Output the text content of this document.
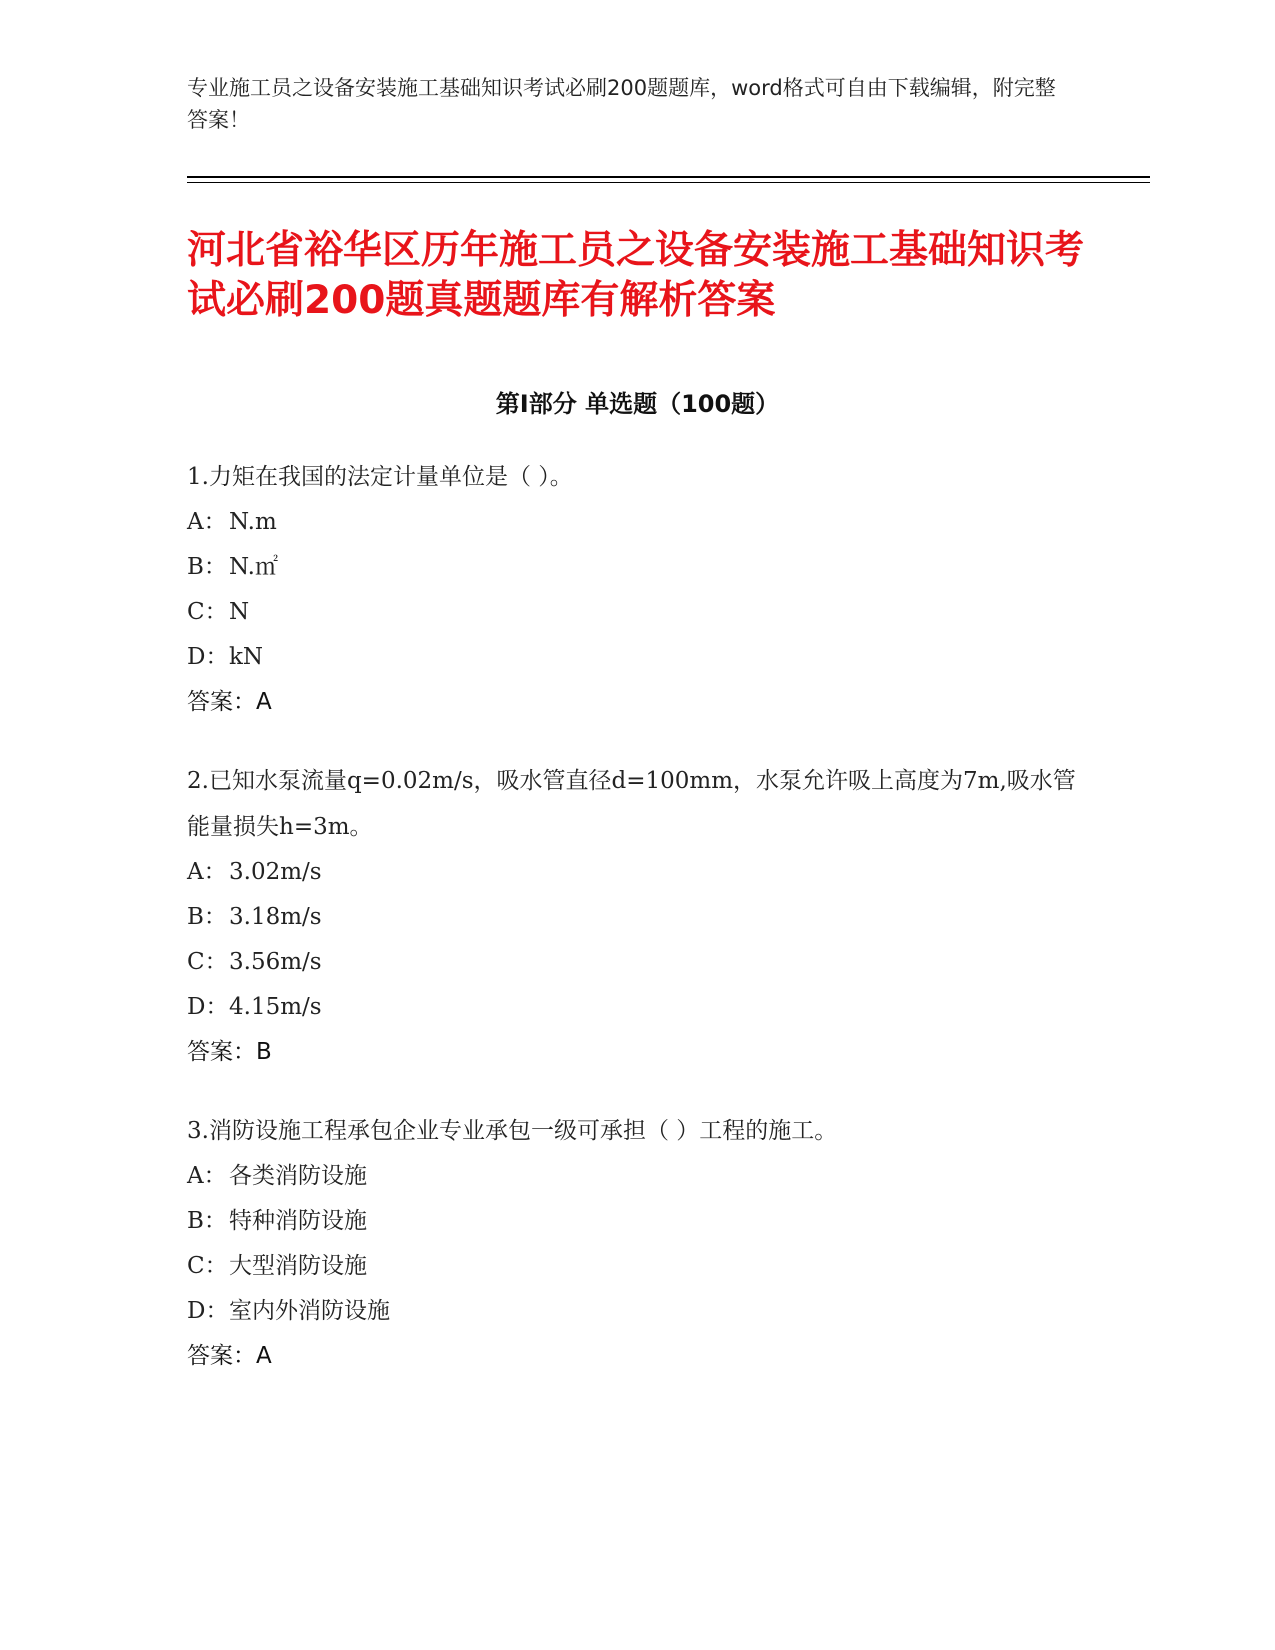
专业施工员之设备安装施工基础知识考试必刷200题题库，word格式可自由下载编辑，附完整答案！
河北省裕华区历年施工员之设备安装施工基础知识考试必刷200题真题题库有解析答案
第Ⅰ部分 单选题（100题）
1.力矩在我国的法定计量单位是（ ）。
A： N.m
B：N.㎡
C：N
D：kN
答案：A
2.已知水泵流量q=0.02m/s，吸水管直径d=100mm，水泵允许吸上高度为7m,吸水管能量损失h=3m。
A： 3.02m/s
B：3.18m/s
C：3.56m/s
D：4.15m/s
答案：B
3.消防设施工程承包企业专业承包一级可承担（ ）工程的施工。
A： 各类消防设施
B：特种消防设施
C：大型消防设施
D：室内外消防设施
答案：A
